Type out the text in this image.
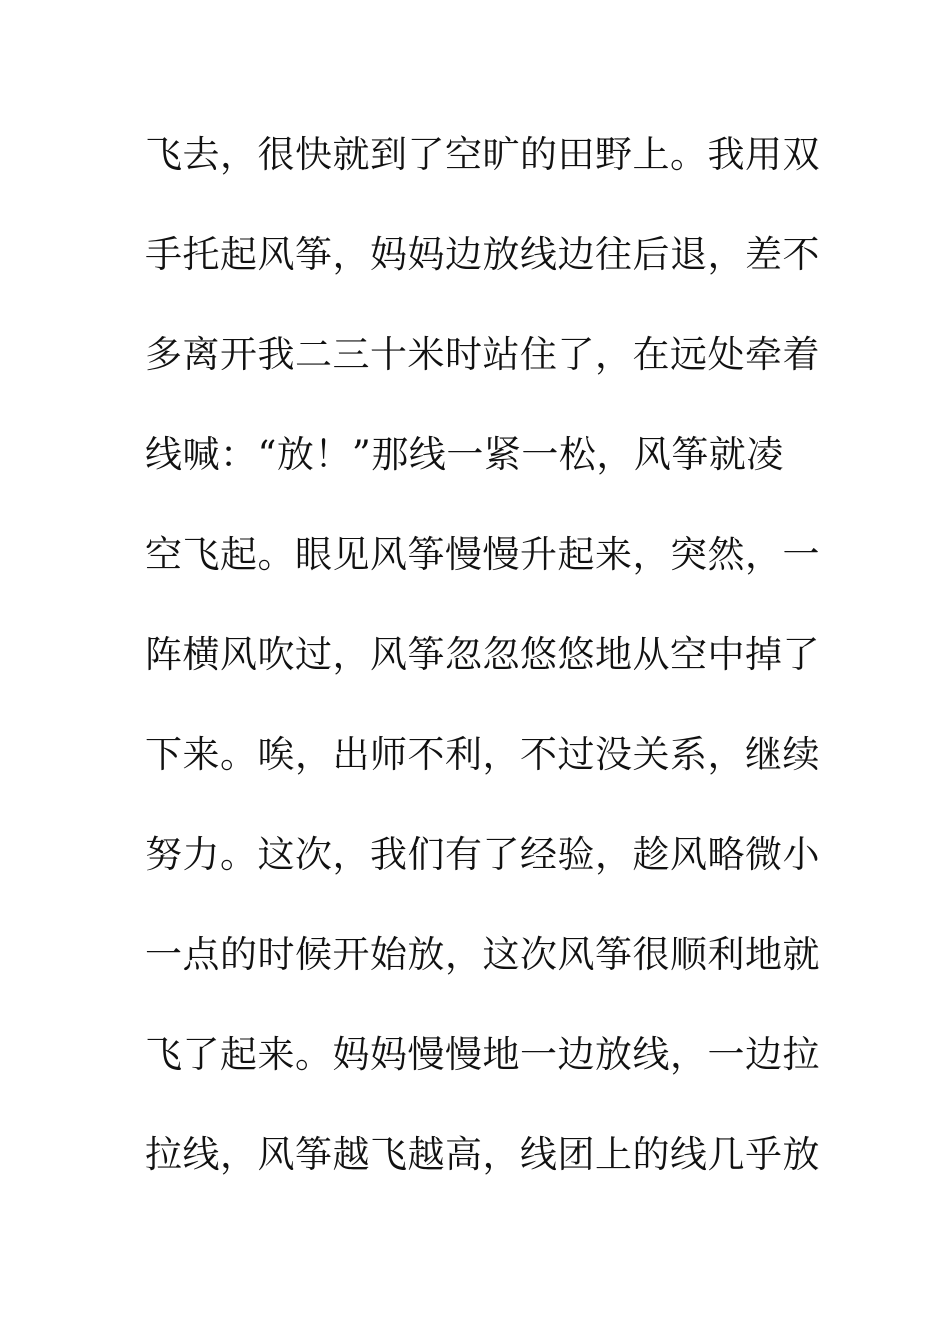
飞去，很快就到了空旷的田野上。我用双
手托起风筝，妈妈边放线边往后退，差不
多离开我二三十米时站住了，在远处牵着
线喊：“放！”那线一紧一松，风筝就凌
空飞起。眼见风筝慢慢升起来，突然，一
阵横风吹过，风筝忽忽悠悠地从空中掉了
下来。唉，出师不利，不过没关系，继续
努力。这次，我们有了经验，趁风略微小
一点的时候开始放，这次风筝很顺利地就
飞了起来。妈妈慢慢地一边放线，一边拉
拉线，风筝越飞越高，线团上的线几乎放
